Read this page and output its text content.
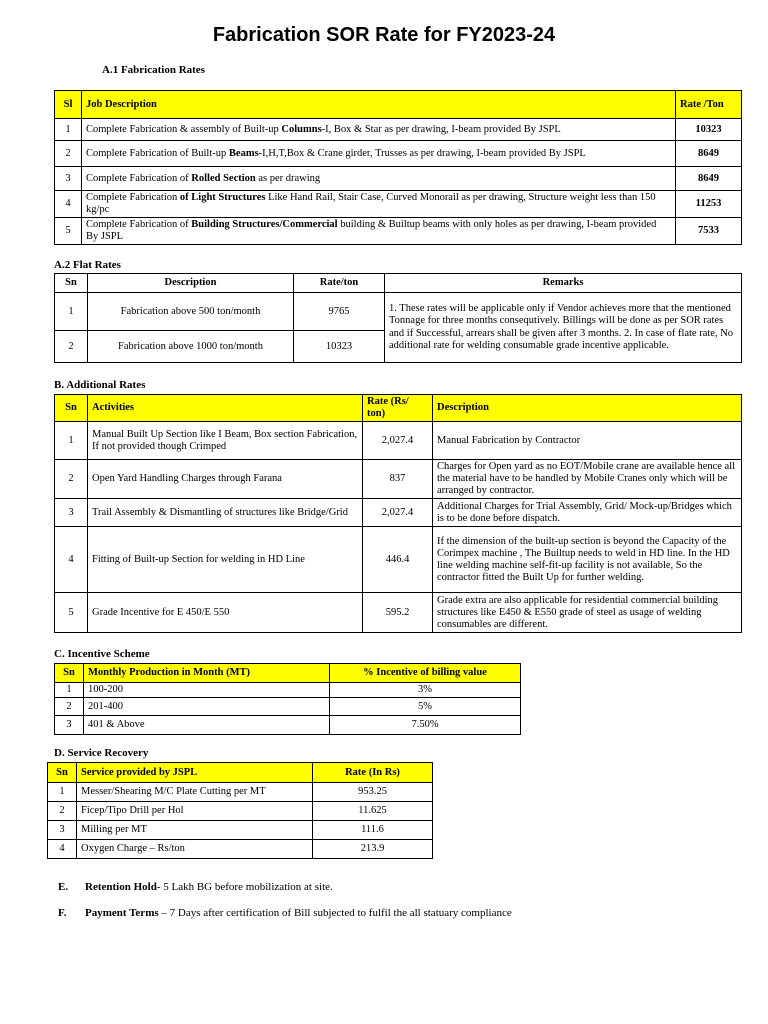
Fabrication SOR Rate for FY2023-24
A.1 Fabrication Rates
Sl	Job Description	Rate /Ton
1	Complete Fabrication & assembly of Built-up Columns-I, Box & Star as per drawing, I-beam provided By JSPL	10323
2	Complete Fabrication of Built-up Beams-I,H,T,Box & Crane girder, Trusses as per drawing, I-beam provided By JSPL	8649
3	Complete Fabrication of Rolled Section as per drawing	8649
4	Complete Fabrication of Light Structures Like Hand Rail, Stair Case, Curved Monorail as per drawing, Structure weight less than 150 kg/pc	11253
5	Complete Fabrication of Building Structures/Commercial building & Builtup beams with only holes as per drawing, I-beam provided By JSPL	7533
A.2 Flat Rates
Sn	Description	Rate/ton	Remarks
1	Fabrication above 500 ton/month	9765	1. These rates will be applicable only if Vendor achieves more that the mentioned Tonnage for three months consequtively. Billings will be done as per SOR rates and if Successful, arrears shall be given after 3 months. 2. In case of flate rate, No additional rate for welding consumable grade incentive applicable.
2	Fabrication above 1000 ton/month	10323	
B. Additional Rates
Sn	Activities	Rate (Rs/ ton)	Description
1	Manual Built Up Section like I Beam, Box section Fabrication, If not provided though Crimped	2,027.4	Manual Fabrication by Contractor
2	Open Yard Handling Charges through Farana	837	Charges for Open yard as no EOT/Mobile crane are available hence all the material have to be handled by Mobile Cranes only which will be arranged by contractor.
3	Trail Assembly & Dismantling of structures like Bridge/Grid	2,027.4	Additional Charges for Trial Assembly, Grid/ Mock-up/Bridges which is to be done before dispatch.
4	Fitting of Built-up Section for welding in HD Line	446.4	If the dimension of the built-up section is beyond the Capacity of the Corimpex machine , The Builtup needs to weld in HD line. In the HD line welding machine self-fit-up facility is not available, So the contractor fitted the Built Up for further welding.
5	Grade Incentive for E 450/E 550	595.2	Grade extra are also applicable for residential commercial building structures like E450 & E550 grade of steel as usage of welding consumables are different.
C. Incentive Scheme
Sn	Monthly Production in Month (MT)	% Incentive of billing value
1	100-200	3%
2	201-400	5%
3	401 & Above	7.50%
D. Service Recovery
Sn	Service provided by JSPL	Rate (In Rs)
1	Messer/Shearing M/C Plate Cutting per MT	953.25
2	Ficep/Tipo Drill per Hol	11.625
3	Milling per MT	111.6
4	Oxygen Charge – Rs/ton	213.9
E. Retention Hold- 5 Lakh BG before mobilization at site.
F. Payment Terms – 7 Days after certification of Bill subjected to fulfil the all statuary compliance
